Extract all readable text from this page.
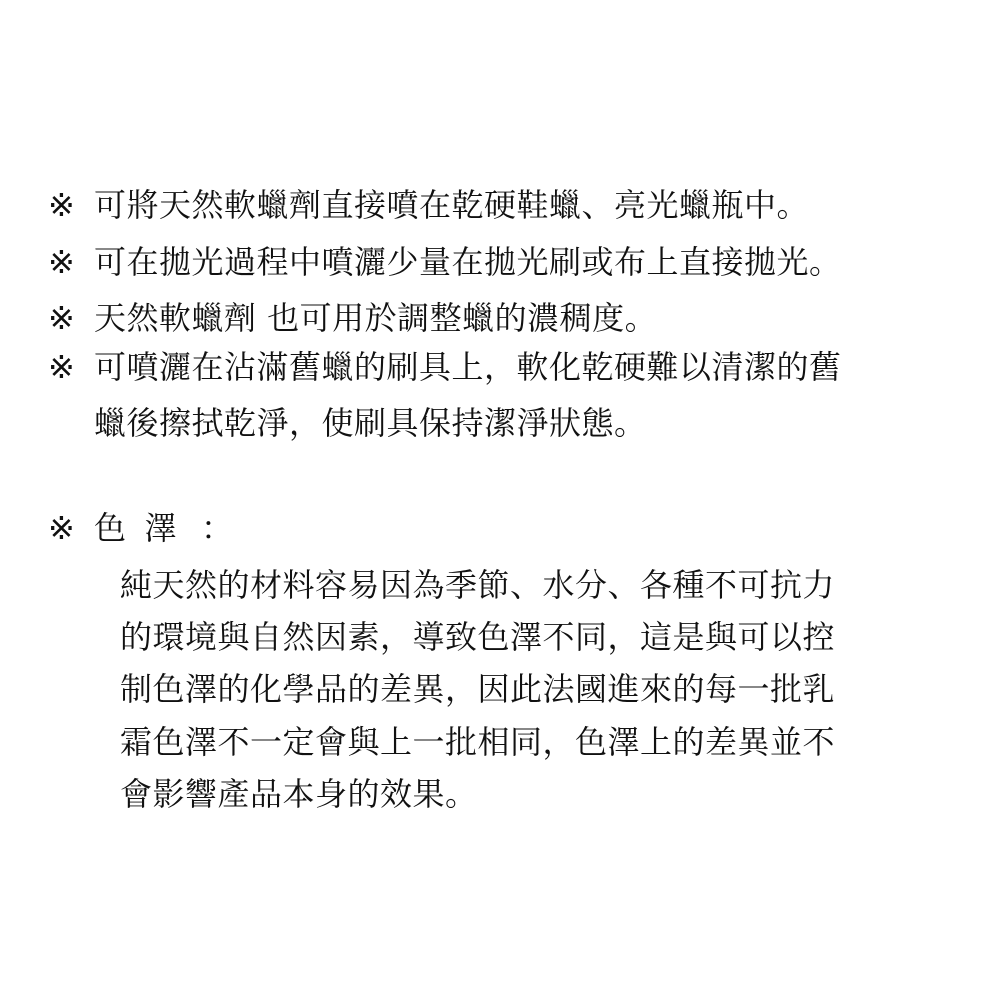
※ 可將天然軟蠟劑直接噴在乾硬鞋蠟、亮光蠟瓶中。
※ 可在拋光過程中噴灑少量在拋光刷或布上直接拋光。
※ 天然軟蠟劑 也可用於調整蠟的濃稠度。
※ 可噴灑在沾滿舊蠟的刷具上，軟化乾硬難以清潔的舊
蠟後擦拭乾淨，使刷具保持潔淨狀態。
※ 色 澤 ：
純天然的材料容易因為季節、水分、各種不可抗力
的環境與自然因素，導致色澤不同，這是與可以控
制色澤的化學品的差異，因此法國進來的每一批乳
霜色澤不一定會與上一批相同，色澤上的差異並不
會影響產品本身的效果。
